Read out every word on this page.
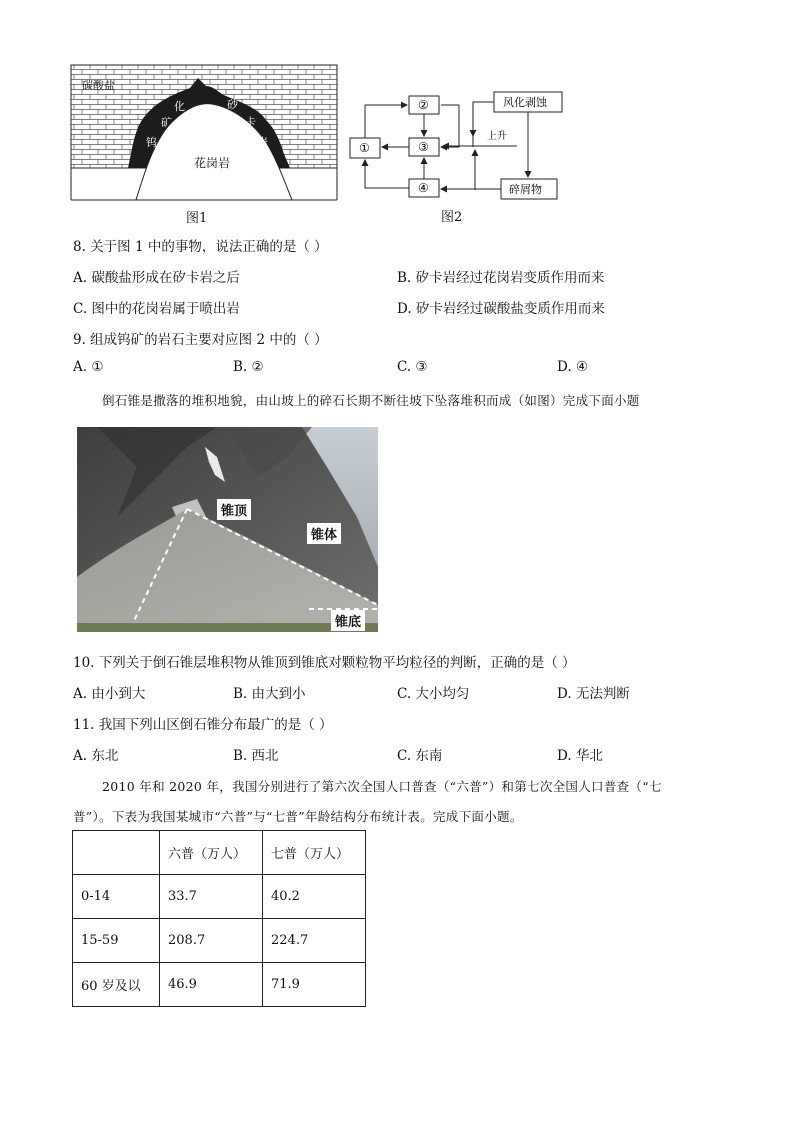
碳酸盐
花岗岩
钨
矿
化	砂
卡
岩
图1
①
②
③
④
风化剥蚀
碎屑物
上升
图2
8. 关于图 1 中的事物，说法正确的是（ ）
A. 碳酸盐形成在矽卡岩之后	B. 矽卡岩经过花岗岩变质作用而来
C. 图中的花岗岩属于喷出岩	D. 矽卡岩经过碳酸盐变质作用而来
9. 组成钨矿的岩石主要对应图 2 中的（ ）
A. ①	B. ②	C. ③	D. ④
倒石锥是撒落的堆积地貌，由山坡上的碎石长期不断往坡下坠落堆积而成（如图）完成下面小题
锥顶
锥体
锥底
10. 下列关于倒石锥层堆积物从锥顶到锥底对颗粒物平均粒径的判断，正确的是（ ）
A. 由小到大	B. 由大到小	C. 大小均匀	D. 无法判断
11. 我国下列山区倒石锥分布最广的是（ ）
A. 东北	B. 西北	C. 东南	D. 华北
2010 年和 2020 年，我国分别进行了第六次全国人口普查（“六普”）和第七次全国人口普查（“七
普”）。下表为我国某城市“六普”与“七普”年龄结构分布统计表。完成下面小题。
	六普（万人）	七普（万人）
0-14	33.7	40.2
15-59	208.7	224.7
60 岁及以	46.9	71.9
